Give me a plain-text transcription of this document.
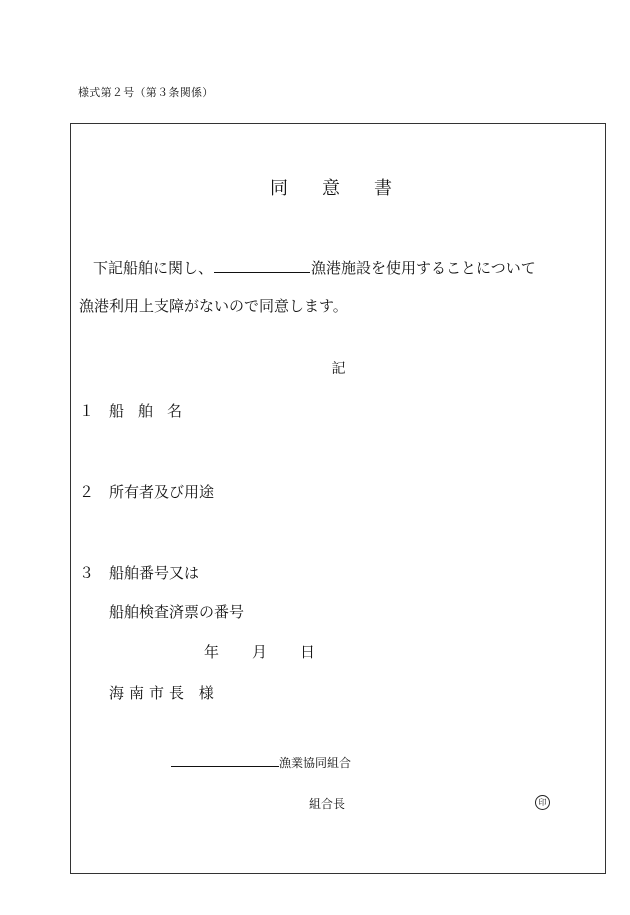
様式第２号（第３条関係）
同意書
下記船舶に関し、	漁港施設を使用することについて
漁港利用上支障がないので同意します。
記
１ 船舶名
２ 所有者及び用途
３ 船舶番号又は
船舶検査済票の番号
年 月 日
海南市長 様
漁業協同組合
組合長	印
